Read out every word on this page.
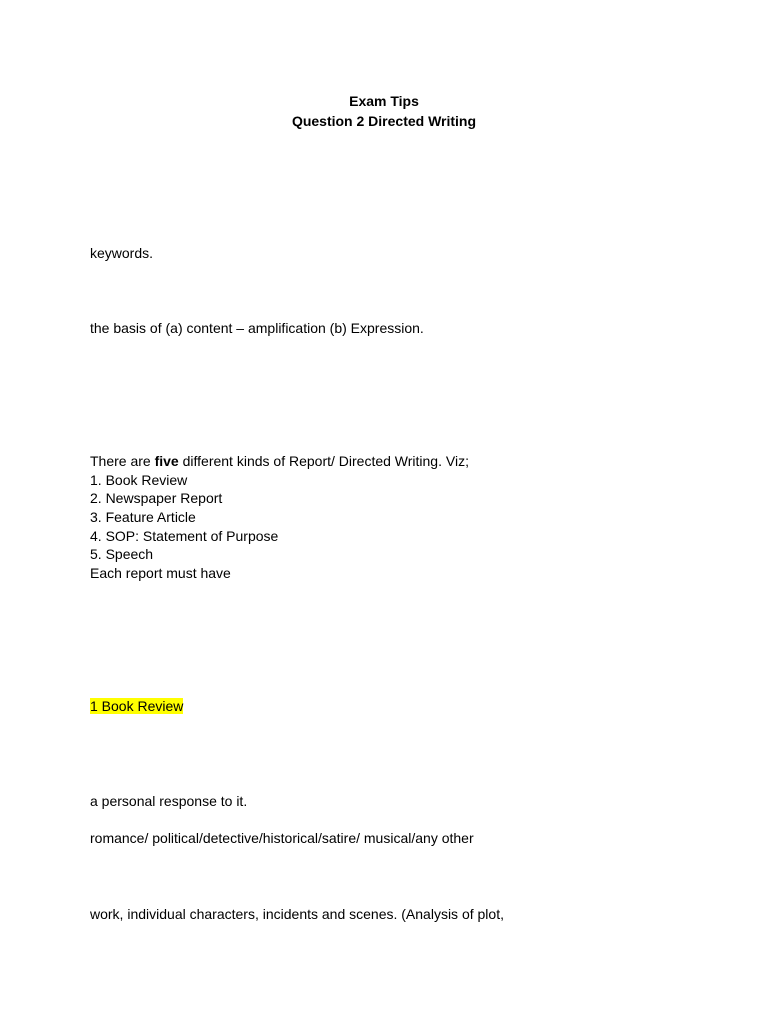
Exam Tips
Question 2 Directed Writing
keywords.
the basis of (a) content – amplification (b) Expression.
There are five different kinds of Report/ Directed Writing. Viz;
1. Book Review
2. Newspaper Report
3. Feature Article
4. SOP: Statement of Purpose
5. Speech
Each report must have
1 Book Review
a personal response to it.
romance/ political/detective/historical/satire/ musical/any other
work, individual characters, incidents and scenes. (Analysis of plot,
